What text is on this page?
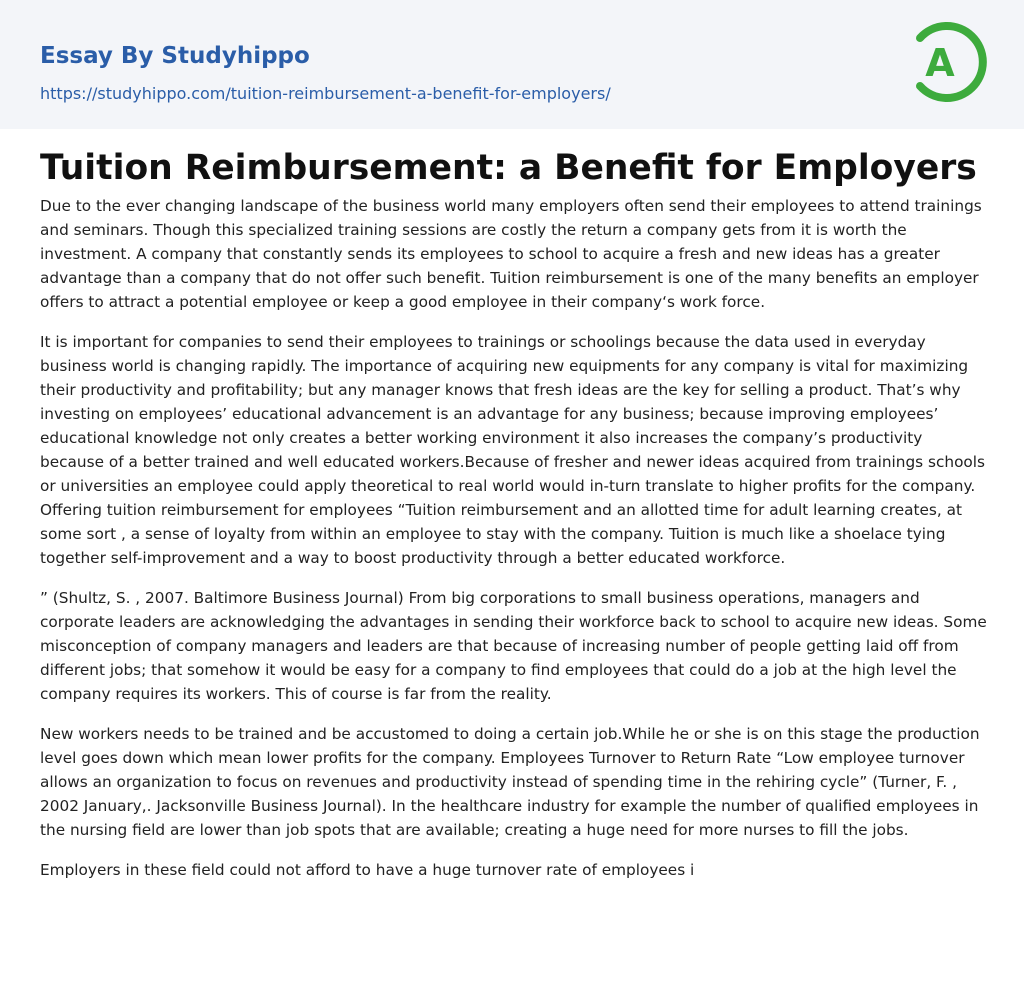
Essay By Studyhippo
https://studyhippo.com/tuition-reimbursement-a-benefit-for-employers/
A
Tuition Reimbursement: a Benefit for Employers

Due to the ever changing landscape of the business world many employers often send their employees to attend trainings and seminars. Though this specialized training sessions are costly the return a company gets from it is worth the investment. A company that constantly sends its employees to school to acquire a fresh and new ideas has a greater advantage than a company that do not offer such benefit. Tuition reimbursement is one of the many benefits an employer offers to attract a potential employee or keep a good employee in their company‘s work force.

It is important for companies to send their employees to trainings or schoolings because the data used in everyday business world is changing rapidly. The importance of acquiring new equipments for any company is vital for maximizing their productivity and profitability; but any manager knows that fresh ideas are the key for selling a product. That’s why investing on employees’ educational advancement is an advantage for any business; because improving employees’ educational knowledge not only creates a better working environment it also increases the company’s productivity because of a better trained and well educated workers.Because of fresher and newer ideas acquired from trainings schools or universities an employee could apply theoretical to real world would in-turn translate to higher profits for the company. Offering tuition reimbursement for employees “Tuition reimbursement and an allotted time for adult learning creates, at some sort , a sense of loyalty from within an employee to stay with the company. Tuition is much like a shoelace tying together self-improvement and a way to boost productivity through a better educated workforce.

” (Shultz, S. , 2007. Baltimore Business Journal) From big corporations to small business operations, managers and corporate leaders are acknowledging the advantages in sending their workforce back to school to acquire new ideas. Some misconception of company managers and leaders are that because of increasing number of people getting laid off from different jobs; that somehow it would be easy for a company to find employees that could do a job at the high level the company requires its workers. This of course is far from the reality.

New workers needs to be trained and be accustomed to doing a certain job.While he or she is on this stage the production level goes down which mean lower profits for the company. Employees Turnover to Return Rate “Low employee turnover allows an organization to focus on revenues and productivity instead of spending time in the rehiring cycle” (Turner, F. , 2002 January,. Jacksonville Business Journal). In the healthcare industry for example the number of qualified employees in the nursing field are lower than job spots that are available; creating a huge need for more nurses to fill the jobs.

Employers in these field could not afford to have a huge turnover rate of employees i
